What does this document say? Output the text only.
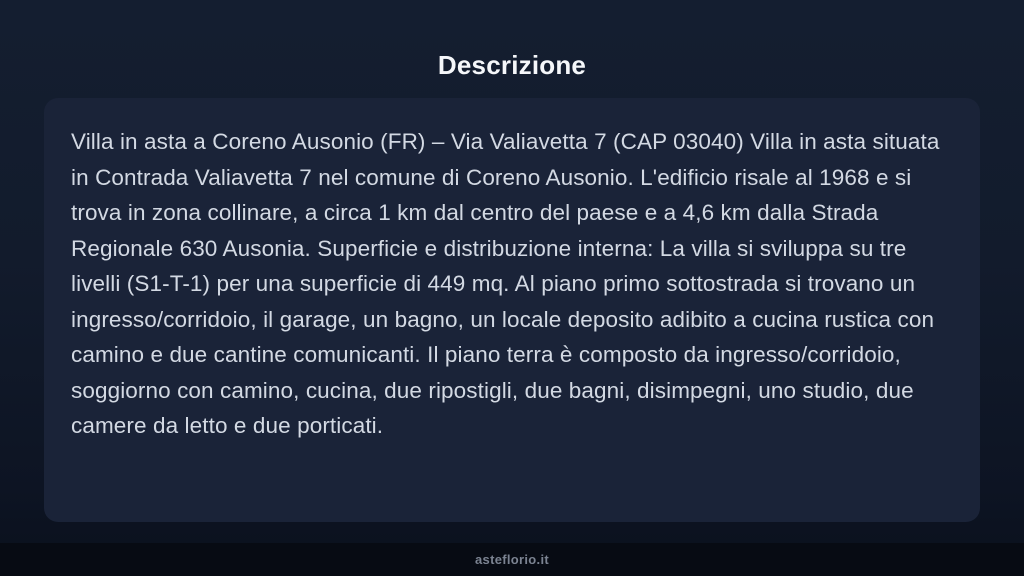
Descrizione

Villa in asta a Coreno Ausonio (FR) – Via Valiavetta 7 (CAP 03040) Villa in asta situata in Contrada Valiavetta 7 nel comune di Coreno Ausonio. L'edificio risale al 1968 e si trova in zona collinare, a circa 1 km dal centro del paese e a 4,6 km dalla Strada Regionale 630 Ausonia. Superficie e distribuzione interna: La villa si sviluppa su tre livelli (S1-T-1) per una superficie di 449 mq. Al piano primo sottostrada si trovano un ingresso/corridoio, il garage, un bagno, un locale deposito adibito a cucina rustica con camino e due cantine comunicanti. Il piano terra è composto da ingresso/corridoio, soggiorno con camino, cucina, due ripostigli, due bagni, disimpegni, uno studio, due camere da letto e due porticati.

asteflorio.it
